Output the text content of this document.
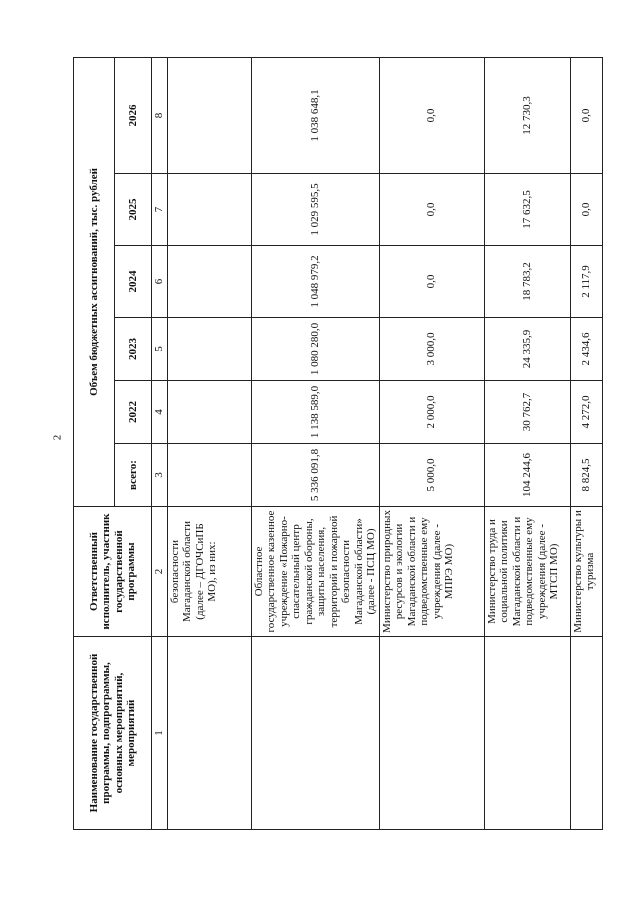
2
Наименование государственной программы, подпрограммы, основных мероприятий, мероприятий	Ответственный исполнитель, участник государственной программы	Объем бюджетных ассигнований, тыс. рублей					
		всего:	2022	2023	2024	2025	2026
1	2	3	4	5	6	7	8
	безопасности Магаданской области (далее – ДГОЧСиПБ МО), из них:						
	Областное государственное казенное учреждение «Пожарно-спасательный центр гражданской обороны, защиты населения, территорий и пожарной безопасности Магаданской области» (далее - ПСЦ МО)	5 336 091,8	1 138 589,0	1 080 280,0	1 048 979,2	1 029 595,5	1 038 648,1

	Министерство природных ресурсов и экологии Магаданской области и подведомственные ему учреждения (далее - МПРЭ МО)	5 000,0	2 000,0	3 000,0	0,0	0,0	0,0
	Министерство труда и социальной политики Магаданской области и подведомственные ему учреждения (далее - МТСП МО)	104 244,6	30 762,7	24 335,9	18 783,2	17 632,5	12 730,3
	Министерство культуры и туризма	8 824,5	4 272,0	2 434,6	2 117,9	0,0	0,0
